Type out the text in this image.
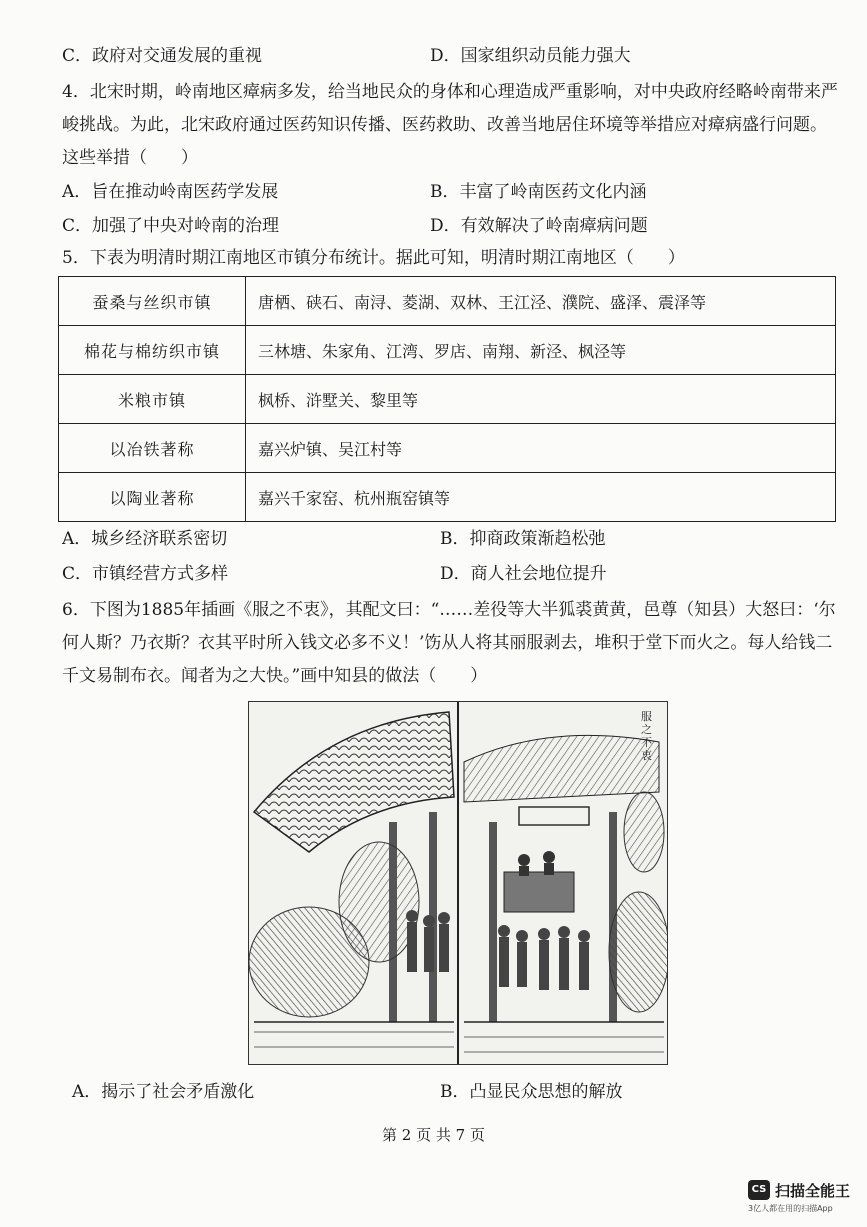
C．政府对交通发展的重视	D．国家组织动员能力强大
4．北宋时期，岭南地区瘴病多发，给当地民众的身体和心理造成严重影响，对中央政府经略岭南带来严峻挑战。为此，北宋政府通过医药知识传播、医药救助、改善当地居住环境等举措应对瘴病盛行问题。这些举措（　　）
A．旨在推动岭南医药学发展	B．丰富了岭南医药文化内涵
C．加强了中央对岭南的治理	D．有效解决了岭南瘴病问题
5．下表为明清时期江南地区市镇分布统计。据此可知，明清时期江南地区（　　）
蚕桑与丝织市镇	唐栖、硖石、南浔、菱湖、双林、王江泾、濮院、盛泽、震泽等
棉花与棉纺织市镇	三林塘、朱家角、江湾、罗店、南翔、新泾、枫泾等
米粮市镇	枫桥、浒墅关、黎里等
以冶铁著称	嘉兴炉镇、吴江村等
以陶业著称	嘉兴千家窑、杭州瓶窑镇等
A．城乡经济联系密切	B．抑商政策渐趋松弛
C．市镇经营方式多样	D．商人社会地位提升
6．下图为1885年插画《服之不衷》，其配文曰：“……差役等大半狐裘黄黄，邑尊（知县）大怒曰：‘尔何人斯？乃衣斯？衣其平时所入钱文必多不义！’饬从人将其丽服剥去，堆积于堂下而火之。每人给钱二千文易制布衣。闻者为之大快。”画中知县的做法（　　）
服之不衷
A．揭示了社会矛盾激化	B．凸显民众思想的解放
第 2 页 共 7 页
CS 扫描全能王
3亿人都在用的扫描App
